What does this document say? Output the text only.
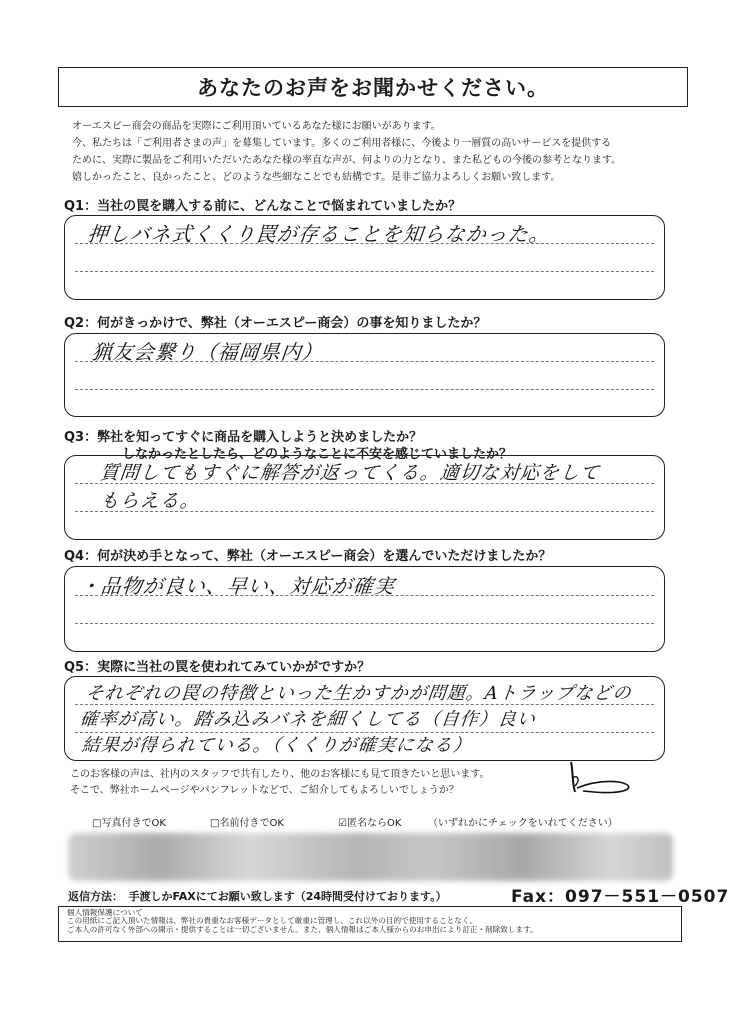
あなたのお声をお聞かせください。
オーエスピー商会の商品を実際にご利用頂いているあなた様にお願いがあります。
今、私たちは「ご利用者さまの声」を募集しています。多くのご利用者様に、今後より一層質の高いサービスを提供する
ために、実際に製品をご利用いただいたあなた様の率直な声が、何よりの力となり、また私どもの今後の参考となります。
嬉しかったこと、良かったこと、どのような些細なことでも結構です。是非ご協力よろしくお願い致します。
Q1：当社の罠を購入する前に、どんなことで悩まれていましたか？
押しバネ式くくり罠が存ることを知らなかった。
Q2：何がきっかけで、弊社（オーエスピー商会）の事を知りましたか？
猟友会繋り（福岡県内）
Q3：弊社を知ってすぐに商品を購入しようと決めましたか？
しなかったとしたら、どのようなことに不安を感じていましたか？
質問してもすぐに解答が返ってくる。適切な対応をして
もらえる。
Q4：何が決め手となって、弊社（オーエスピー商会）を選んでいただけましたか？
・品物が良い、早い、対応が確実
Q5：実際に当社の罠を使われてみていかがですか？
それぞれの罠の特徴といった生かすかが問題。Aトラップなどの
確率が高い。踏み込みバネを細くしてる（自作）良い
結果が得られている。（くくりが確実になる）
このお客様の声は、社内のスタッフで共有したり、他のお客様にも見て頂きたいと思います。
そこで、弊社ホームページやパンフレットなどで、ご紹介してもよろしいでしょうか？
□写真付きでOK	□名前付きでOK	☑匿名ならOK	（いずれかにチェックをいれてください）
返信方法：　手渡しかFAXにてお願い致します（24時間受付けております。）	Fax：097－551－0507
個人情報保護について
この用紙にご記入頂いた情報は、弊社の貴重なお客様データとして厳重に管理し、これ以外の目的で使用することなく、
ご本人の許可なく外部への開示・提供することは一切ございません。また、個人情報はご本人様からのお申出により訂正・削除致します。
